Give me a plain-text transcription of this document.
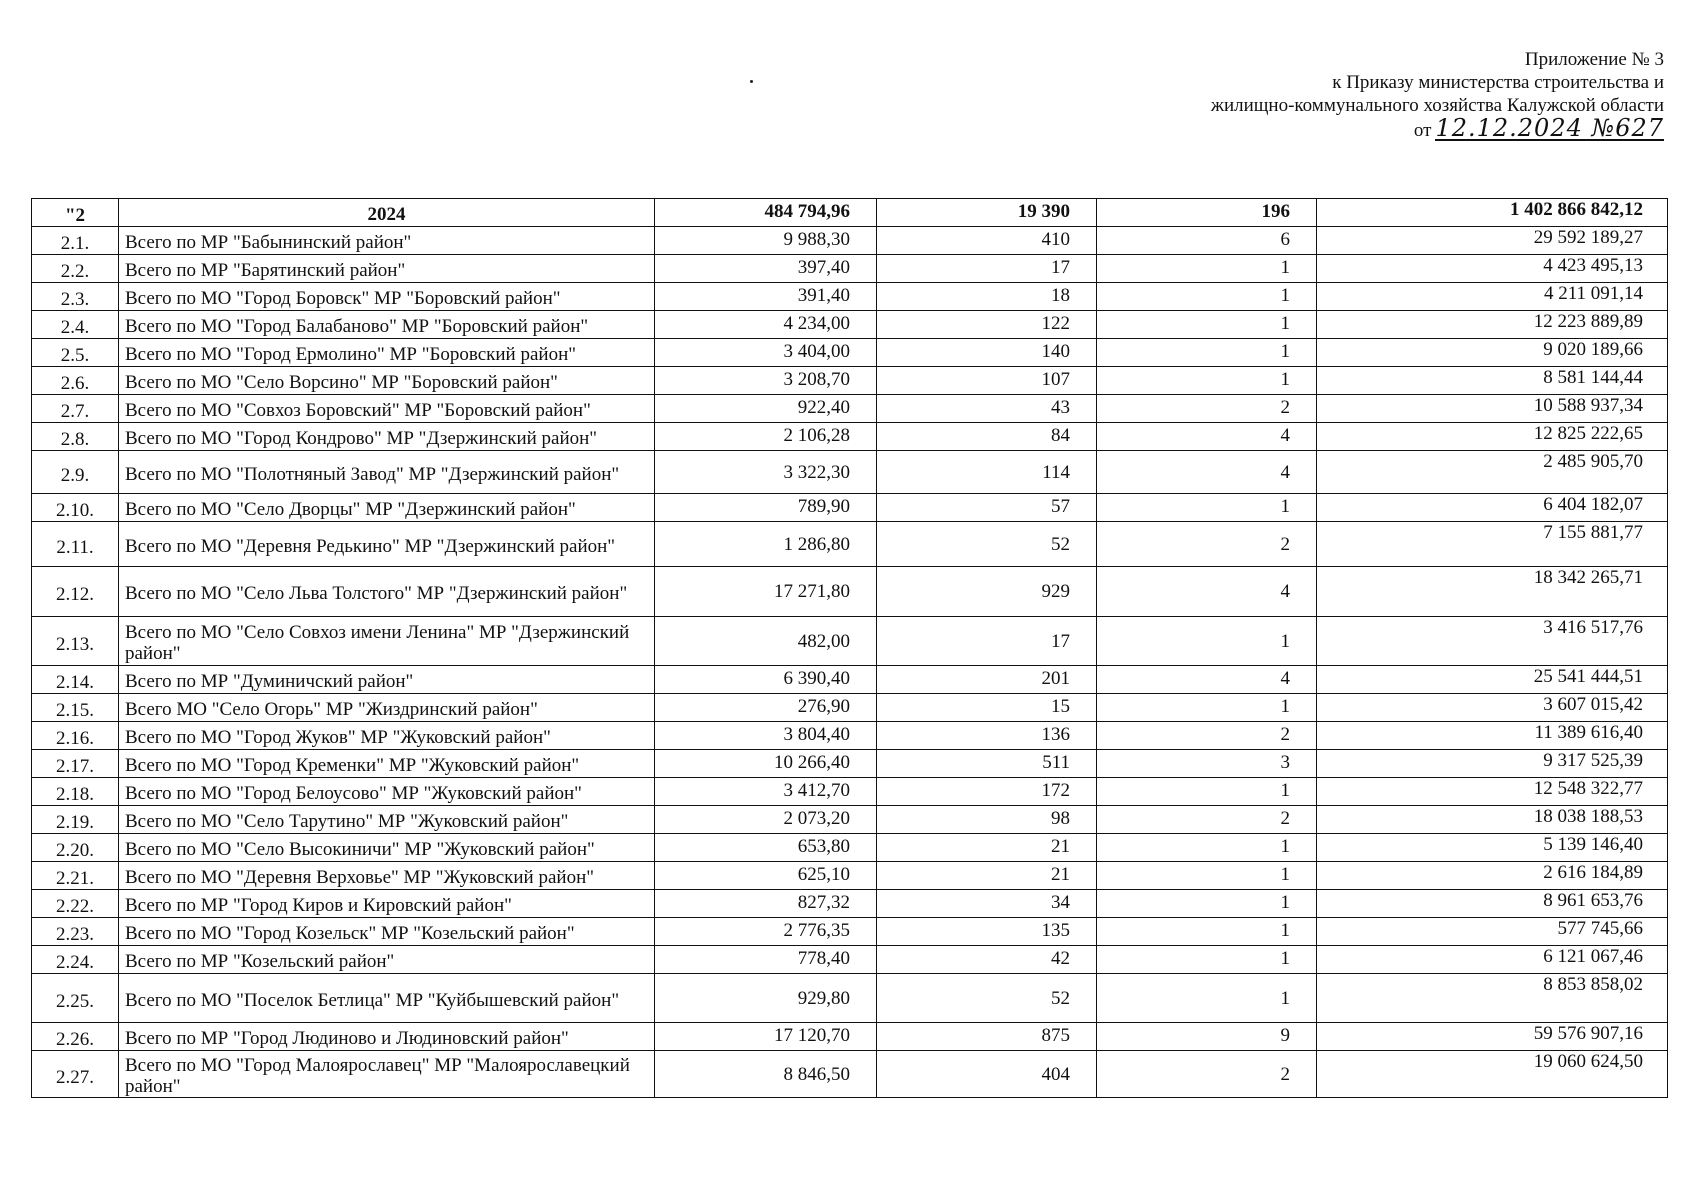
Приложение № 3
к Приказу министерства строительства и
жилищно-коммунального хозяйства Калужской области
от 12.12.2024 №627
"2	2024	484 794,96	19 390	196	1 402 866 842,12
2.1.	Всего по МР "Бабынинский район"	9 988,30	410	6	29 592 189,27
2.2.	Всего по МР "Барятинский район"	397,40	17	1	4 423 495,13
2.3.	Всего по МО "Город Боровск" МР "Боровский район"	391,40	18	1	4 211 091,14
2.4.	Всего по МО "Город Балабаново" МР "Боровский район"	4 234,00	122	1	12 223 889,89
2.5.	Всего по МО "Город Ермолино" МР "Боровский район"	3 404,00	140	1	9 020 189,66
2.6.	Всего по МО "Село Ворсино" МР "Боровский район"	3 208,70	107	1	8 581 144,44
2.7.	Всего по МО "Совхоз Боровский" МР "Боровский район"	922,40	43	2	10 588 937,34
2.8.	Всего по МО "Город Кондрово" МР "Дзержинский район"	2 106,28	84	4	12 825 222,65
2.9.	Всего по МО "Полотняный Завод" МР "Дзержинский район"	3 322,30	114	4	2 485 905,70
2.10.	Всего по МО "Село Дворцы" МР "Дзержинский район"	789,90	57	1	6 404 182,07
2.11.	Всего по МО "Деревня Редькино" МР "Дзержинский район"	1 286,80	52	2	7 155 881,77
2.12.	Всего по МО "Село Льва Толстого" МР "Дзержинский район"	17 271,80	929	4	18 342 265,71
2.13.	Всего по МО "Село Совхоз имени Ленина" МР "Дзержинский район"	482,00	17	1	3 416 517,76
2.14.	Всего по МР "Думиничский район"	6 390,40	201	4	25 541 444,51
2.15.	Всего МО "Село Огорь" МР "Жиздринский район"	276,90	15	1	3 607 015,42
2.16.	Всего по МО "Город Жуков" МР "Жуковский район"	3 804,40	136	2	11 389 616,40
2.17.	Всего по МО "Город Кременки" МР "Жуковский район"	10 266,40	511	3	9 317 525,39
2.18.	Всего по МО "Город Белоусово" МР "Жуковский район"	3 412,70	172	1	12 548 322,77
2.19.	Всего по МО "Село Тарутино" МР "Жуковский район"	2 073,20	98	2	18 038 188,53
2.20.	Всего по МО "Село Высокиничи" МР "Жуковский район"	653,80	21	1	5 139 146,40
2.21.	Всего по МО "Деревня Верховье" МР "Жуковский район"	625,10	21	1	2 616 184,89
2.22.	Всего по МР "Город Киров и Кировский район"	827,32	34	1	8 961 653,76
2.23.	Всего по МО "Город Козельск" МР "Козельский район"	2 776,35	135	1	577 745,66
2.24.	Всего по МР "Козельский район"	778,40	42	1	6 121 067,46
2.25.	Всего по МО "Поселок Бетлица" МР "Куйбышевский район"	929,80	52	1	8 853 858,02
2.26.	Всего по МР "Город Людиново и Людиновский район"	17 120,70	875	9	59 576 907,16
2.27.	Всего по МО "Город Малоярославец" МР "Малоярославецкий район"	8 846,50	404	2	19 060 624,50
